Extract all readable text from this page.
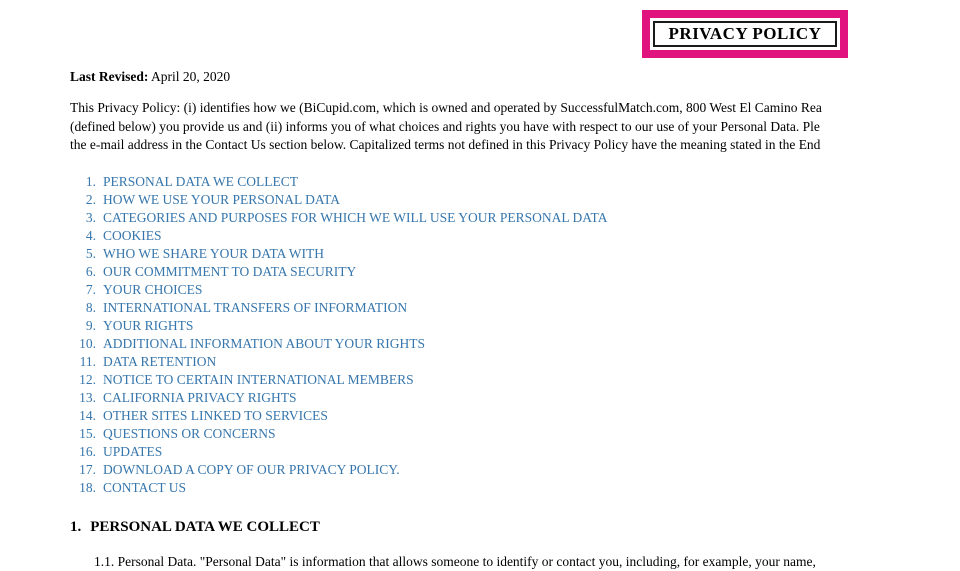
PRIVACY POLICY

Last Revised: April 20, 2020

This Privacy Policy: (i) identifies how we (BiCupid.com, which is owned and operated by SuccessfulMatch.com, 800 West El Camino Rea
(defined below) you provide us and (ii) informs you of what choices and rights you have with respect to our use of your Personal Data. Ple
the e-mail address in the Contact Us section below. Capitalized terms not defined in this Privacy Policy have the meaning stated in the End
1. PERSONAL DATA WE COLLECT
2. HOW WE USE YOUR PERSONAL DATA
3. CATEGORIES AND PURPOSES FOR WHICH WE WILL USE YOUR PERSONAL DATA
4. COOKIES
5. WHO WE SHARE YOUR DATA WITH
6. OUR COMMITMENT TO DATA SECURITY
7. YOUR CHOICES
8. INTERNATIONAL TRANSFERS OF INFORMATION
9. YOUR RIGHTS
10. ADDITIONAL INFORMATION ABOUT YOUR RIGHTS
11. DATA RETENTION
12. NOTICE TO CERTAIN INTERNATIONAL MEMBERS
13. CALIFORNIA PRIVACY RIGHTS
14. OTHER SITES LINKED TO SERVICES
15. QUESTIONS OR CONCERNS
16. UPDATES
17. DOWNLOAD A COPY OF OUR PRIVACY POLICY.
18. CONTACT US
1. PERSONAL DATA WE COLLECT
1.1. Personal Data. "Personal Data" is information that allows someone to identify or contact you, including, for example, your name,
